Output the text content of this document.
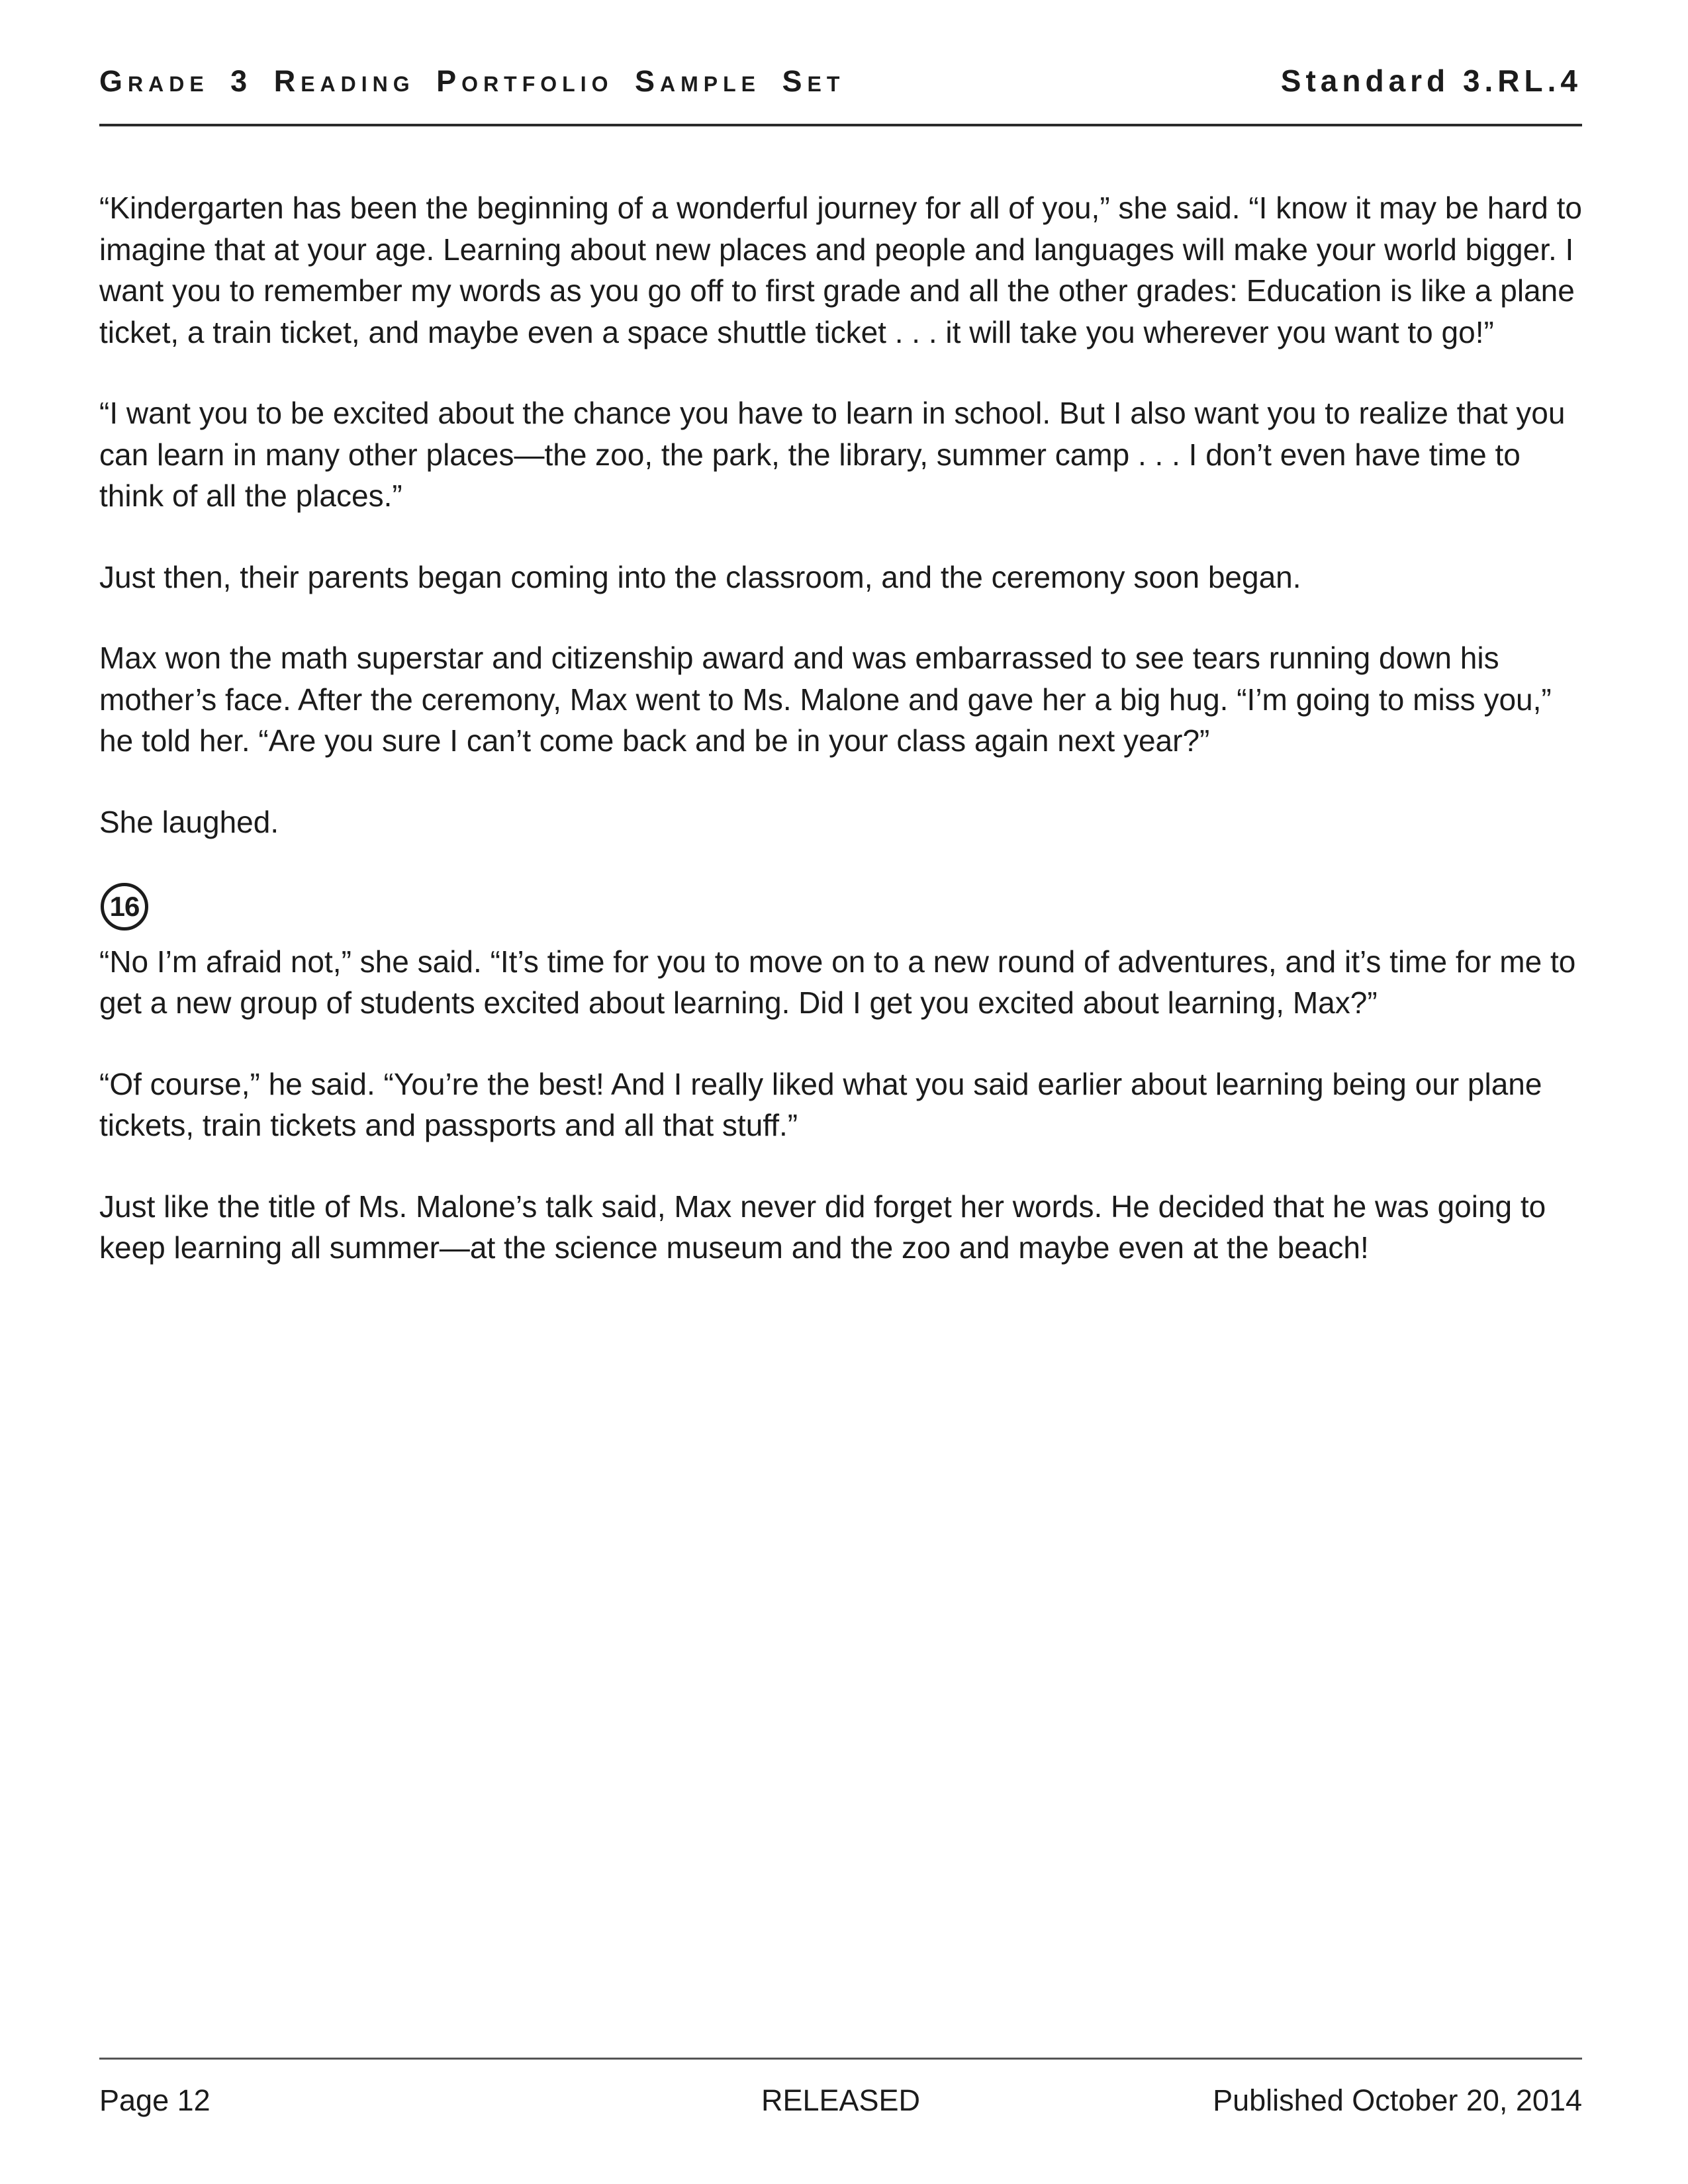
Grade 3 Reading Portfolio Sample Set	Standard 3.RL.4

“Kindergarten has been the beginning of a wonderful journey for all of you,” she said. “I know it may be hard to imagine that at your age. Learning about new places and people and languages will make your world bigger. I want you to remember my words as you go off to first grade and all the other grades: Education is like a plane ticket, a train ticket, and maybe even a space shuttle ticket . . . it will take you wherever you want to go!”

“I want you to be excited about the chance you have to learn in school. But I also want you to realize that you can learn in many other places—the zoo, the park, the library, summer camp . . . I don’t even have time to think of all the places.”

Just then, their parents began coming into the classroom, and the ceremony soon began.

Max won the math superstar and citizenship award and was embarrassed to see tears running down his mother’s face. After the ceremony, Max went to Ms. Malone and gave her a big hug. “I’m going to miss you,” he told her. “Are you sure I can’t come back and be in your class again next year?”

She laughed.

16

“No I’m afraid not,” she said. “It’s time for you to move on to a new round of adventures, and it’s time for me to get a new group of students excited about learning. Did I get you excited about learning, Max?”

“Of course,” he said. “You’re the best! And I really liked what you said earlier about learning being our plane tickets, train tickets and passports and all that stuff.”

Just like the title of Ms. Malone’s talk said, Max never did forget her words. He decided that he was going to keep learning all summer—at the science museum and the zoo and maybe even at the beach!

Page 12	RELEASED	Published October 20, 2014
